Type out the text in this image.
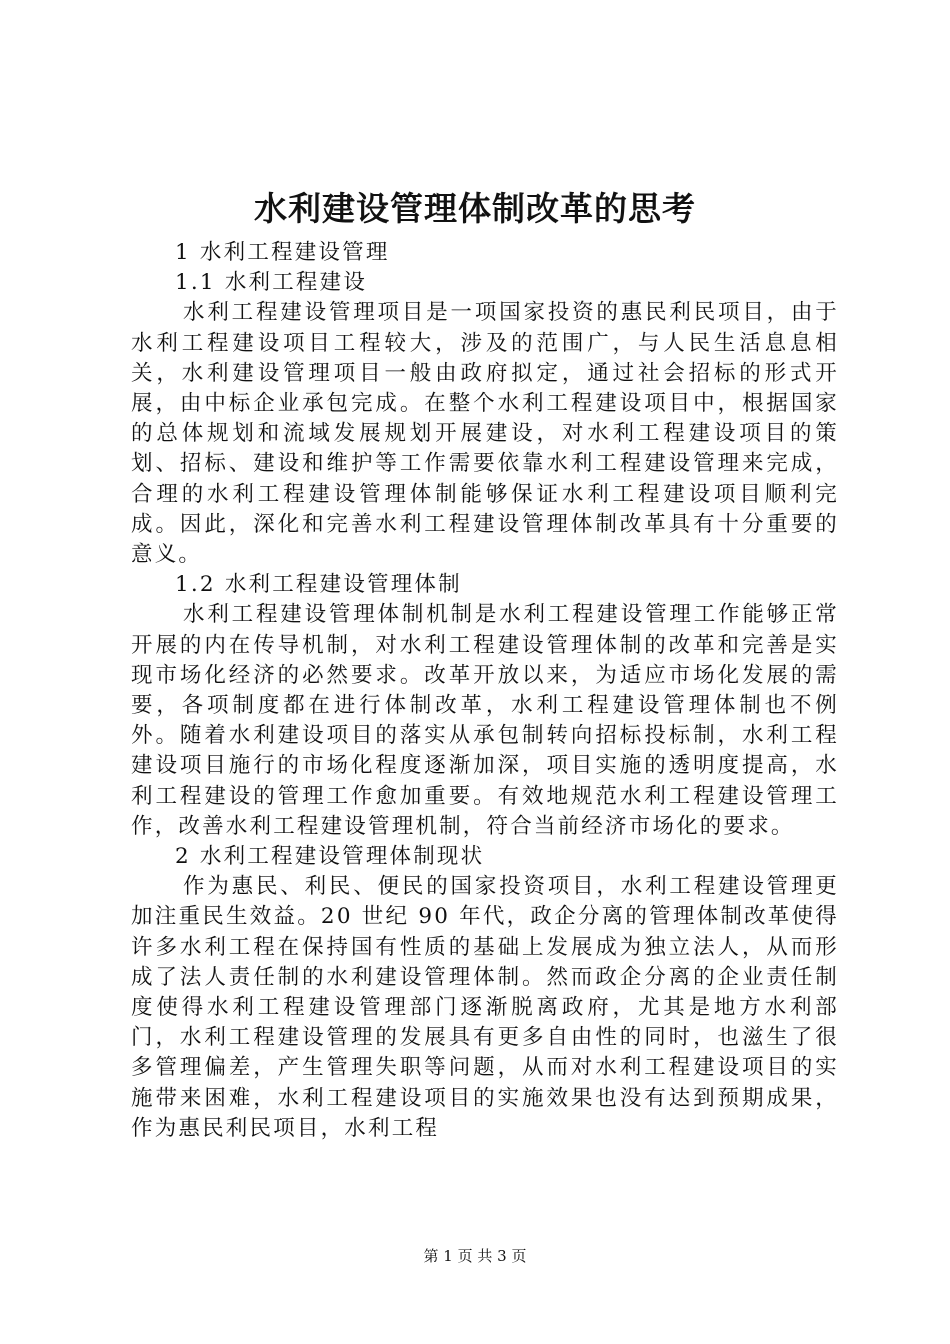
水利建设管理体制改革的思考

1 水利工程建设管理

1.1 水利工程建设

水利工程建设管理项目是一项国家投资的惠民利民项目，由于水利工程建设项目工程较大，涉及的范围广，与人民生活息息相关，水利建设管理项目一般由政府拟定，通过社会招标的形式开展，由中标企业承包完成。在整个水利工程建设项目中，根据国家的总体规划和流域发展规划开展建设，对水利工程建设项目的策划、招标、建设和维护等工作需要依靠水利工程建设管理来完成，合理的水利工程建设管理体制能够保证水利工程建设项目顺利完成。因此，深化和完善水利工程建设管理体制改革具有十分重要的意义。

1.2 水利工程建设管理体制

水利工程建设管理体制机制是水利工程建设管理工作能够正常开展的内在传导机制，对水利工程建设管理体制的改革和完善是实现市场化经济的必然要求。改革开放以来，为适应市场化发展的需要，各项制度都在进行体制改革，水利工程建设管理体制也不例外。随着水利建设项目的落实从承包制转向招标投标制，水利工程建设项目施行的市场化程度逐渐加深，项目实施的透明度提高，水利工程建设的管理工作愈加重要。有效地规范水利工程建设管理工作，改善水利工程建设管理机制，符合当前经济市场化的要求。

2 水利工程建设管理体制现状

作为惠民、利民、便民的国家投资项目，水利工程建设管理更加注重民生效益。20 世纪 90 年代，政企分离的管理体制改革使得许多水利工程在保持国有性质的基础上发展成为独立法人，从而形成了法人责任制的水利建设管理体制。然而政企分离的企业责任制度使得水利工程建设管理部门逐渐脱离政府，尤其是地方水利部门，水利工程建设管理的发展具有更多自由性的同时，也滋生了很多管理偏差，产生管理失职等问题，从而对水利工程建设项目的实施带来困难，水利工程建设项目的实施效果也没有达到预期成果，作为惠民利民项目，水利工程

第 1 页 共 3 页
